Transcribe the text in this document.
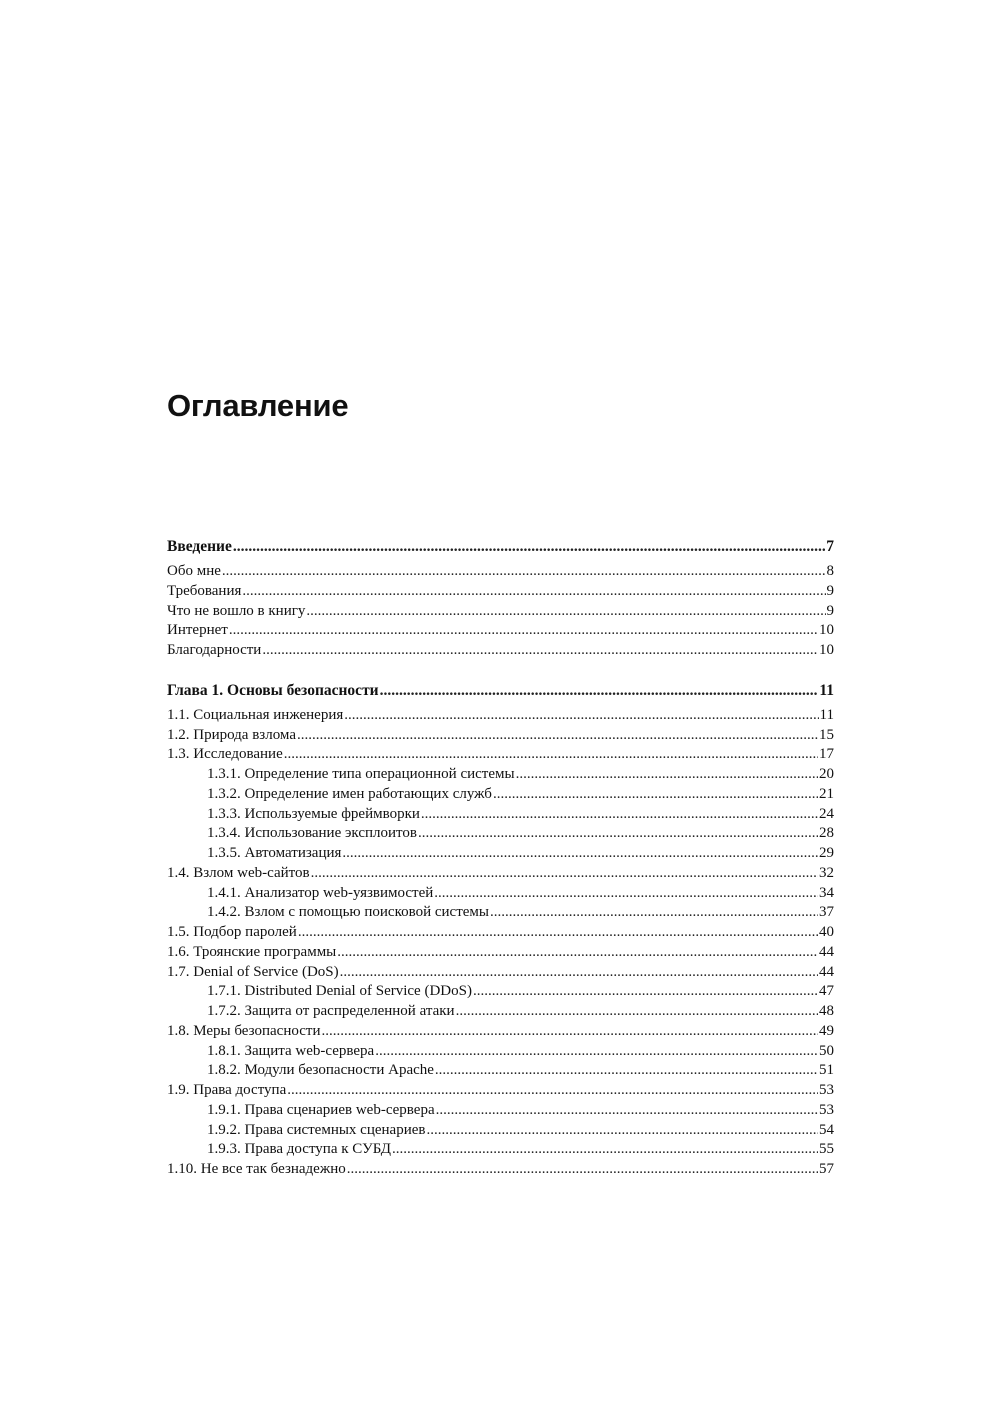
Оглавление
Введение .....	7
Обо мне .....	8
Требования .....	9
Что не вошло в книгу .....	9
Интернет .....	10
Благодарности .....	10
Глава 1. Основы безопасности .....	11
1.1. Социальная инженерия .....	11
1.2. Природа взлома .....	15
1.3. Исследование .....	17
1.3.1. Определение типа операционной системы .....	20
1.3.2. Определение имен работающих служб .....	21
1.3.3. Используемые фреймворки .....	24
1.3.4. Использование эксплоитов .....	28
1.3.5. Автоматизация .....	29
1.4. Взлом web-сайтов .....	32
1.4.1. Анализатор web-уязвимостей .....	34
1.4.2. Взлом с помощью поисковой системы .....	37
1.5. Подбор паролей .....	40
1.6. Троянские программы .....	44
1.7. Denial of Service (DoS) .....	44
1.7.1. Distributed Denial of Service (DDoS) .....	47
1.7.2. Защита от распределенной атаки .....	48
1.8. Меры безопасности .....	49
1.8.1. Защита web-сервера .....	50
1.8.2. Модули безопасности Apache .....	51
1.9. Права доступа .....	53
1.9.1. Права сценариев web-сервера .....	53
1.9.2. Права системных сценариев .....	54
1.9.3. Права доступа к СУБД .....	55
1.10. Не все так безнадежно .....	57
